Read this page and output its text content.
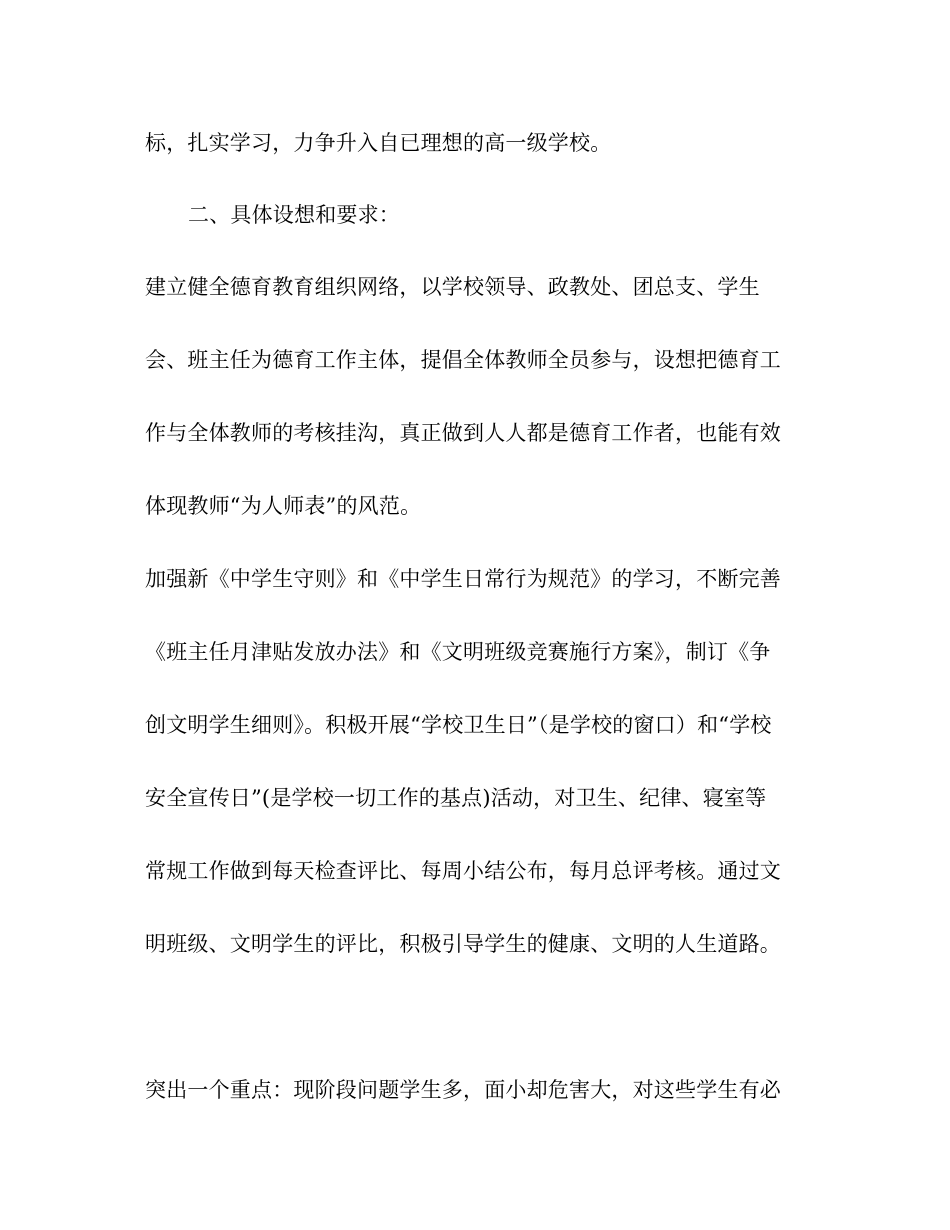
标，扎实学习，力争升入自已理想的高一级学校。
二、具体设想和要求：
建立健全德育教育组织网络，以学校领导、政教处、团总支、学生
会、班主任为德育工作主体，提倡全体教师全员参与，设想把德育工
作与全体教师的考核挂沟，真正做到人人都是德育工作者，也能有效
体现教师“为人师表”的风范。
加强新《中学生守则》和《中学生日常行为规范》的学习，不断完善
《班主任月津贴发放办法》和《文明班级竞赛施行方案》，制订《争
创文明学生细则》。积极开展“学校卫生日”（是学校的窗口）和“学校
安全宣传日”(是学校一切工作的基点)活动，对卫生、纪律、寝室等
常规工作做到每天检查评比、每周小结公布，每月总评考核。通过文
明班级、文明学生的评比，积极引导学生的健康、文明的人生道路。
突出一个重点：现阶段问题学生多，面小却危害大，对这些学生有必
